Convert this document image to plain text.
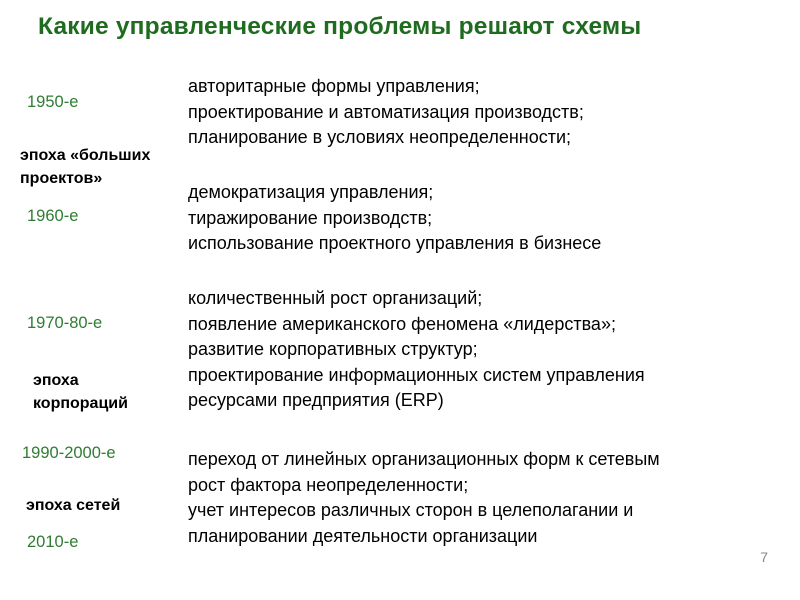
Какие управленческие проблемы решают схемы
1950-е
1960-е
1970-80-е
1990-2000-е
2010-е
эпоха «больших проектов»
эпоха корпораций
эпоха сетей
авторитарные формы управления;
проектирование и автоматизация производств;
планирование в условиях неопределенности;
демократизация управления;
тиражирование производств;
использование проектного управления в бизнесе
количественный рост организаций;
появление американского феномена «лидерства»;
развитие корпоративных структур;
проектирование информационных систем управления
ресурсами предприятия (ERP)
переход от линейных организационных форм к сетевым
рост фактора неопределенности;
учет интересов различных сторон в целеполагании и
планировании деятельности организации
7
